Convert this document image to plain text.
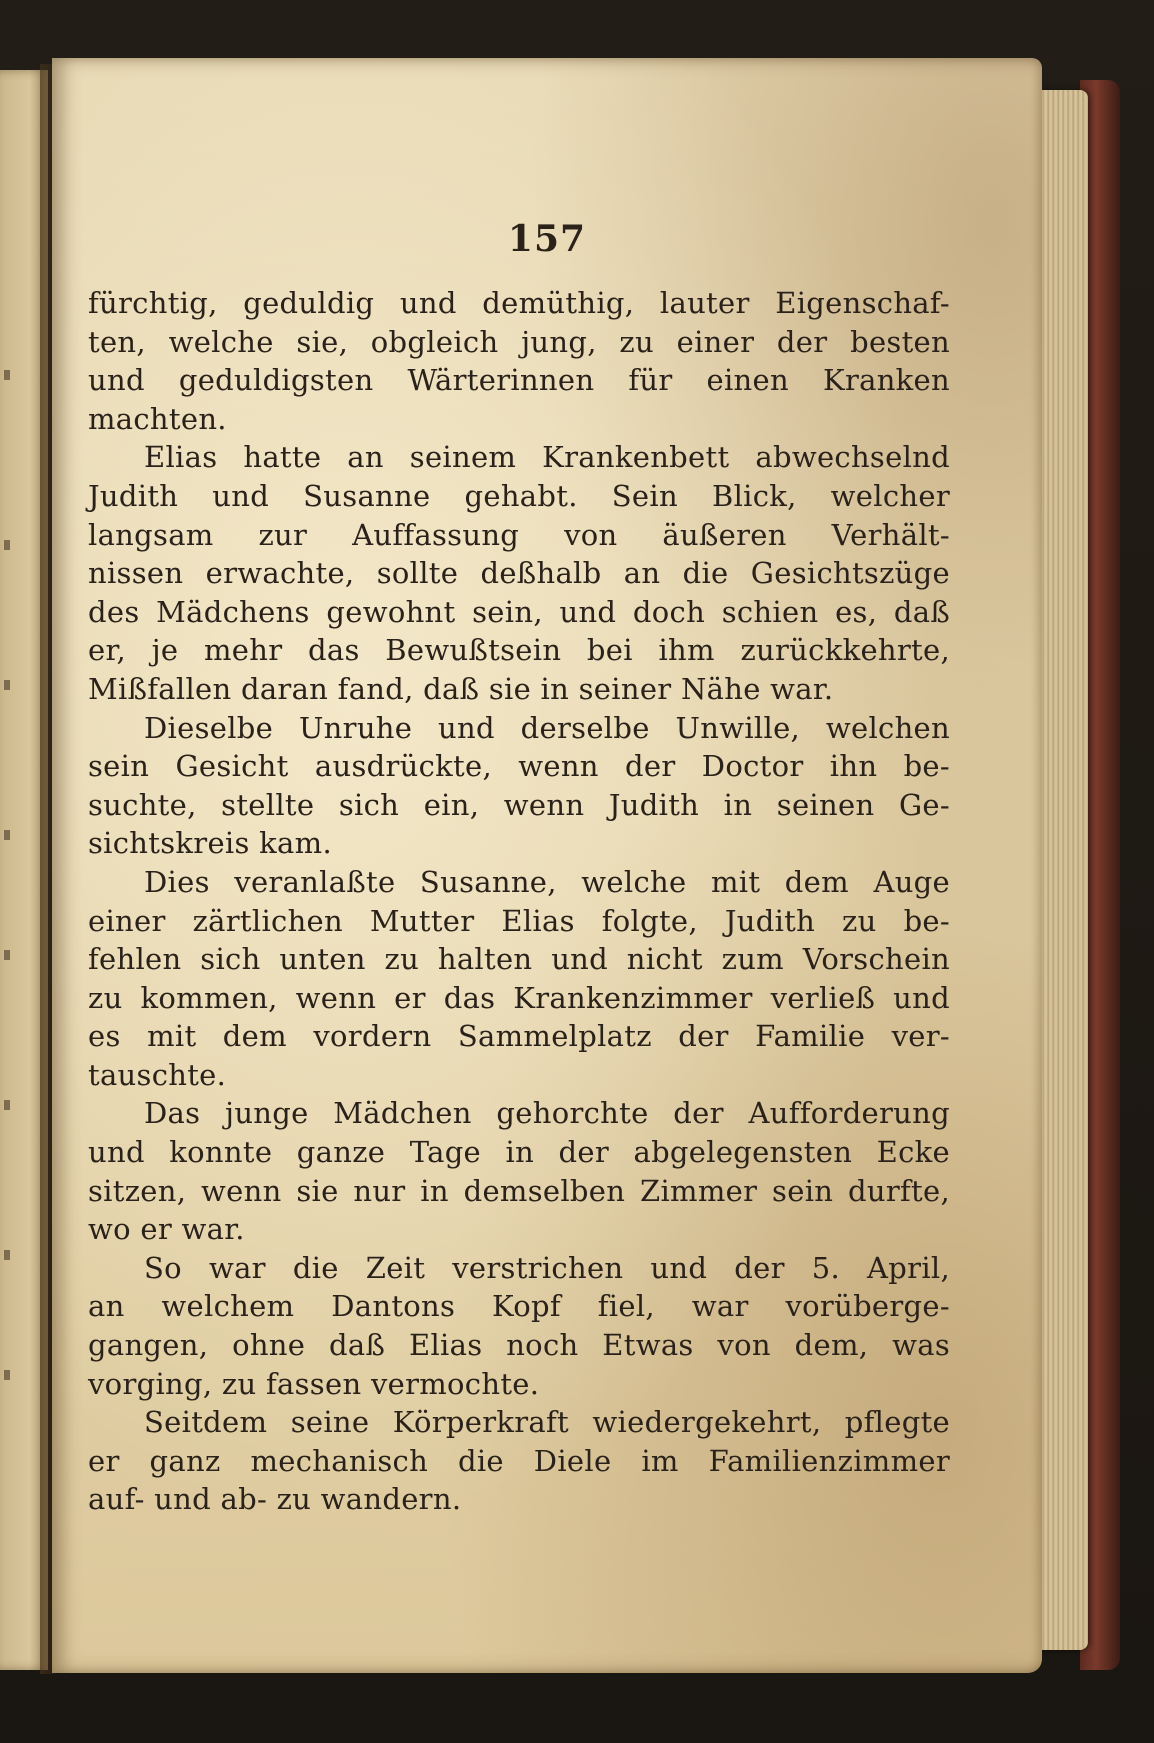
157
fürchtig, geduldig und demüthig, lauter Eigenschaf-
ten, welche sie, obgleich jung, zu einer der besten
und geduldigsten Wärterinnen für einen Kranken
machten.
Elias hatte an seinem Krankenbett abwechselnd
Judith und Susanne gehabt. Sein Blick, welcher
langsam zur Auffassung von äußeren Verhält-
nissen erwachte, sollte deßhalb an die Gesichtszüge
des Mädchens gewohnt sein, und doch schien es, daß
er, je mehr das Bewußtsein bei ihm zurückkehrte,
Mißfallen daran fand, daß sie in seiner Nähe war.
Dieselbe Unruhe und derselbe Unwille, welchen
sein Gesicht ausdrückte, wenn der Doctor ihn be-
suchte, stellte sich ein, wenn Judith in seinen Ge-
sichtskreis kam.
Dies veranlaßte Susanne, welche mit dem Auge
einer zärtlichen Mutter Elias folgte, Judith zu be-
fehlen sich unten zu halten und nicht zum Vorschein
zu kommen, wenn er das Krankenzimmer verließ und
es mit dem vordern Sammelplatz der Familie ver-
tauschte.
Das junge Mädchen gehorchte der Aufforderung
und konnte ganze Tage in der abgelegensten Ecke
sitzen, wenn sie nur in demselben Zimmer sein durfte,
wo er war.
So war die Zeit verstrichen und der 5. April,
an welchem Dantons Kopf fiel, war vorüberge-
gangen, ohne daß Elias noch Etwas von dem, was
vorging, zu fassen vermochte.
Seitdem seine Körperkraft wiedergekehrt, pflegte
er ganz mechanisch die Diele im Familienzimmer
auf- und ab- zu wandern.
